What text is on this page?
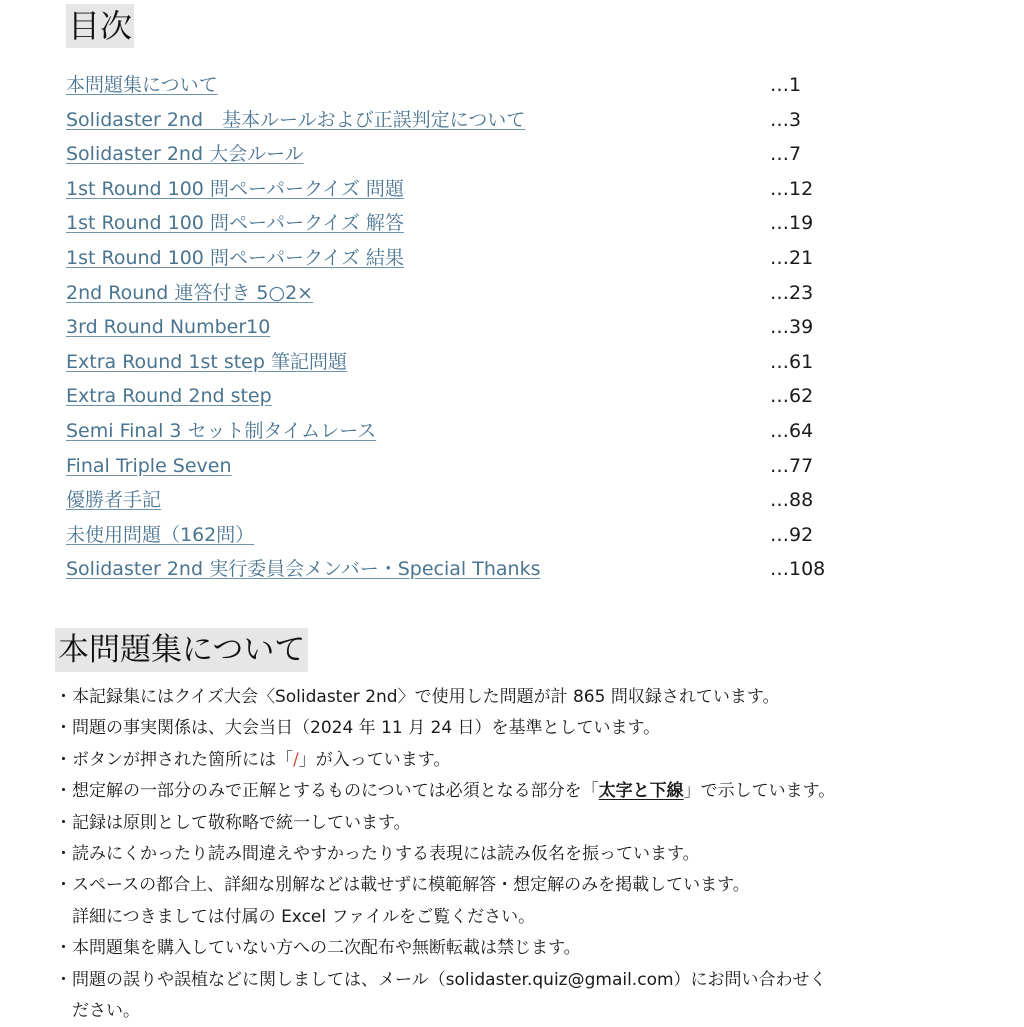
目次
本問題集について	…1
Solidaster 2nd　基本ルールおよび正誤判定について	…3
Solidaster 2nd 大会ルール	…7
1st Round 100 問ペーパークイズ 問題	…12
1st Round 100 問ペーパークイズ 解答	…19
1st Round 100 問ペーパークイズ 結果	…21
2nd Round 連答付き 5○2×	…23
3rd Round Number10	…39
Extra Round 1st step 筆記問題	…61
Extra Round 2nd step	…62
Semi Final 3 セット制タイムレース	…64
Final Triple Seven	…77
優勝者手記	…88
未使用問題（162問）	…92
Solidaster 2nd 実行委員会メンバー・Special Thanks	…108
本問題集について
・本記録集にはクイズ大会〈Solidaster 2nd〉で使用した問題が計 865 問収録されています。
・問題の事実関係は、大会当日（2024 年 11 月 24 日）を基準としています。
・ボタンが押された箇所には「/」が入っています。
・想定解の一部分のみで正解とするものについては必須となる部分を「太字と下線」で示しています。
・記録は原則として敬称略で統一しています。
・読みにくかったり読み間違えやすかったりする表現には読み仮名を振っています。
・スペースの都合上、詳細な別解などは載せずに模範解答・想定解のみを掲載しています。
　詳細につきましては付属の Excel ファイルをご覧ください。
・本問題集を購入していない方への二次配布や無断転載は禁じます。
・問題の誤りや誤植などに関しましては、メール（solidaster.quiz@gmail.com）にお問い合わせく
　ださい。
